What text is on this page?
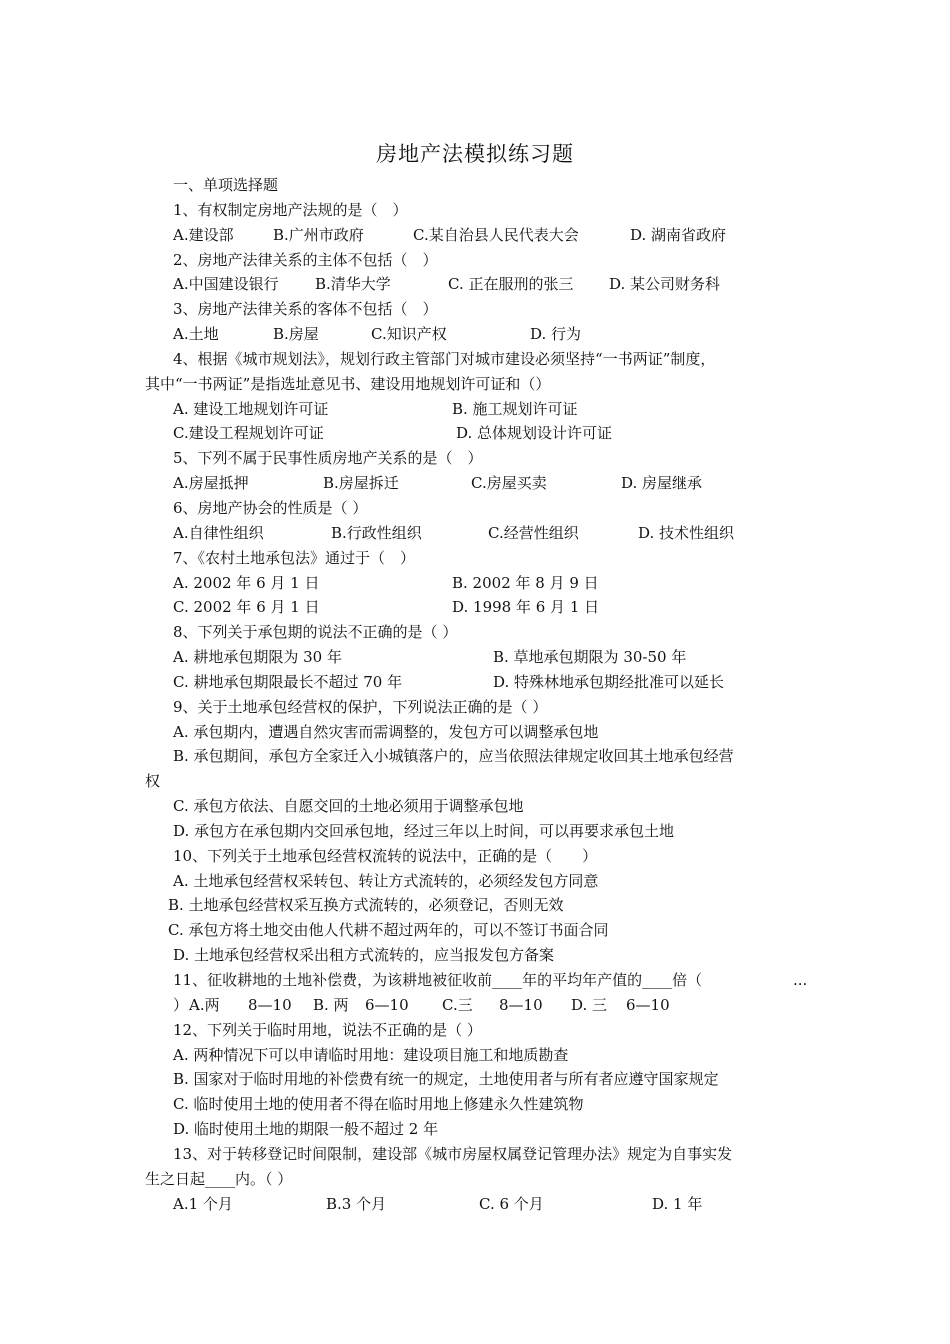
房地产法模拟练习题
一、单项选择题
1、有权制定房地产法规的是（　）
A.建设部	B.广州市政府	C.某自治县人民代表大会	D. 湖南省政府
2、房地产法律关系的主体不包括（　）
A.中国建设银行 B.清华大学	C. 正在服刑的张三 D. 某公司财务科
3、房地产法律关系的客体不包括（　）
A.土地	B.房屋	C.知识产权	D. 行为
4、根据《城市规划法》，规划行政主管部门对城市建设必须坚持“一书两证”制度，
其中“一书两证”是指选址意见书、建设用地规划许可证和（）
A. 建设工地规划许可证	B. 施工规划许可证
C.建设工程规划许可证	D. 总体规划设计许可证
5、下列不属于民事性质房地产关系的是（　）
A.房屋抵押	B.房屋拆迁	C.房屋买卖	D. 房屋继承
6、房地产协会的性质是（ ）
A.自律性组织	B.行政性组织	C.经营性组织	D. 技术性组织
7、《农村土地承包法》通过于（　）
A. 2002 年 6 月 1 日	B. 2002 年 8 月 9 日
C. 2002 年 6 月 1 日	D. 1998 年 6 月 1 日
8、下列关于承包期的说法不正确的是（ ）
A. 耕地承包期限为 30 年	B. 草地承包期限为 30-50 年
C. 耕地承包期限最长不超过 70 年	D. 特殊林地承包期经批准可以延长
9、关于土地承包经营权的保护，下列说法正确的是（ ）
A. 承包期内，遭遇自然灾害而需调整的，发包方可以调整承包地
B. 承包期间，承包方全家迁入小城镇落户的，应当依照法律规定收回其土地承包经营
权
C. 承包方依法、自愿交回的土地必须用于调整承包地
D. 承包方在承包期内交回承包地，经过三年以上时间，可以再要求承包土地
10、下列关于土地承包经营权流转的说法中，正确的是（　　）
A. 土地承包经营权采转包、转让方式流转的，必须经发包方同意
B. 土地承包经营权采互换方式流转的，必须登记，否则无效
C. 承包方将土地交由他人代耕不超过两年的，可以不签订书面合同
D. 土地承包经营权采出租方式流转的，应当报发包方备案
11、征收耕地的土地补偿费，为该耕地被征收前____年的平均年产值的____倍（	...
） A.两 8—10 B. 两 6—10 C.三 8—10 D. 三 6—10
12、下列关于临时用地，说法不正确的是（ ）
A. 两种情况下可以申请临时用地：建设项目施工和地质勘查
B. 国家对于临时用地的补偿费有统一的规定，土地使用者与所有者应遵守国家规定
C. 临时使用土地的使用者不得在临时用地上修建永久性建筑物
D. 临时使用土地的期限一般不超过 2 年
13、对于转移登记时间限制，建设部《城市房屋权属登记管理办法》规定为自事实发
生之日起____内。（ ）
A.1 个月	B.3 个月	C. 6 个月	D. 1 年
